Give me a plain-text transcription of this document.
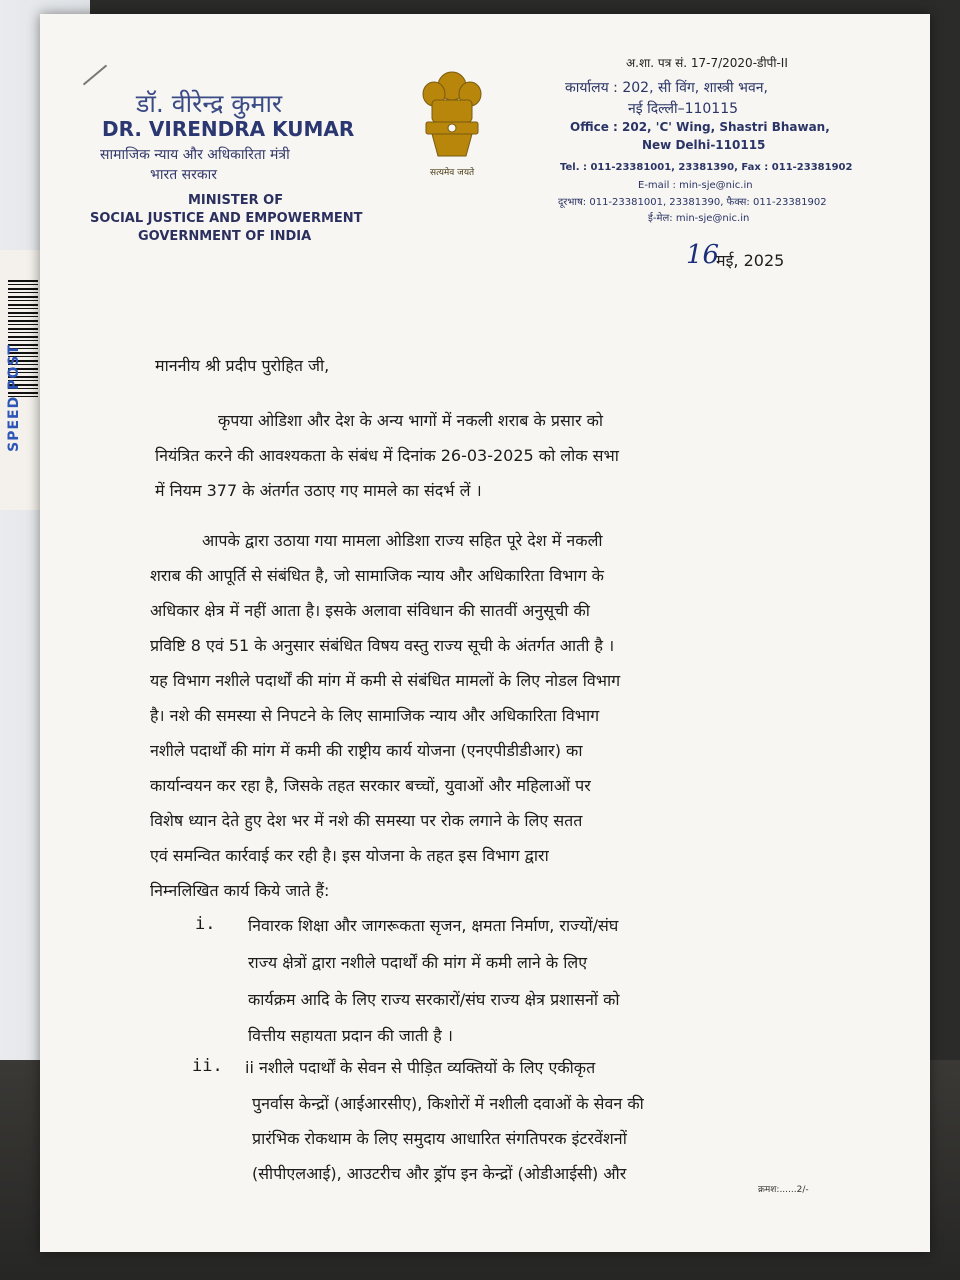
SPEED POST
डॉ. वीरेन्द्र कुमार
DR. VIRENDRA KUMAR
सामाजिक न्याय और अधिकारिता मंत्री
भारत सरकार
MINISTER OF
SOCIAL JUSTICE AND EMPOWERMENT
GOVERNMENT OF INDIA
सत्यमेव जयते
अ.शा. पत्र सं. 17-7/2020-डीपी-II
कार्यालय : 202, सी विंग, शास्त्री भवन,
नई दिल्ली–110115
Office : 202, 'C' Wing, Shastri Bhawan,
New Delhi-110115
Tel. : 011-23381001, 23381390, Fax : 011-23381902
E-mail : min-sje@nic.in
दूरभाष: 011-23381001, 23381390, फैक्स: 011-23381902
ई-मेल: min-sje@nic.in
16
मई, 2025
माननीय श्री प्रदीप पुरोहित जी,
कृपया ओडिशा और देश के अन्य भागों में नकली शराब के प्रसार को
नियंत्रित करने की आवश्यकता के संबंध में दिनांक 26-03-2025 को लोक सभा
में नियम 377 के अंतर्गत उठाए गए मामले का संदर्भ लें ।
आपके द्वारा उठाया गया मामला ओडिशा राज्य सहित पूरे देश में नकली
शराब की आपूर्ति से संबंधित है, जो सामाजिक न्याय और अधिकारिता विभाग के
अधिकार क्षेत्र में नहीं आता है। इसके अलावा संविधान की सातवीं अनुसूची की
प्रविष्टि 8 एवं 51 के अनुसार संबंधित विषय वस्तु राज्य सूची के अंतर्गत आती है ।
यह विभाग नशीले पदार्थों की मांग में कमी से संबंधित मामलों के लिए नोडल विभाग
है। नशे की समस्या से निपटने के लिए सामाजिक न्याय और अधिकारिता विभाग
नशीले पदार्थों की मांग में कमी की राष्ट्रीय कार्य योजना (एनएपीडीडीआर) का
कार्यान्वयन कर रहा है, जिसके तहत सरकार बच्चों, युवाओं और महिलाओं पर
विशेष ध्यान देते हुए देश भर में नशे की समस्या पर रोक लगाने के लिए सतत
एवं समन्वित कार्रवाई कर रही है। इस योजना के तहत इस विभाग द्वारा
निम्नलिखित कार्य किये जाते हैं:
i. निवारक शिक्षा और जागरूकता सृजन, क्षमता निर्माण, राज्यों/संघ
राज्य क्षेत्रों द्वारा नशीले पदार्थों की मांग में कमी लाने के लिए
कार्यक्रम आदि के लिए राज्य सरकारों/संघ राज्य क्षेत्र प्रशासनों को
वित्तीय सहायता प्रदान की जाती है ।
ii. ii नशीले पदार्थों के सेवन से पीड़ित व्यक्तियों के लिए एकीकृत
पुनर्वास केन्द्रों (आईआरसीए), किशोरों में नशीली दवाओं के सेवन की
प्रारंभिक रोकथाम के लिए समुदाय आधारित संगतिपरक इंटरवेंशनों
(सीपीएलआई), आउटरीच और ड्रॉप इन केन्द्रों (ओडीआईसी) और
क्रमश:......2/-
